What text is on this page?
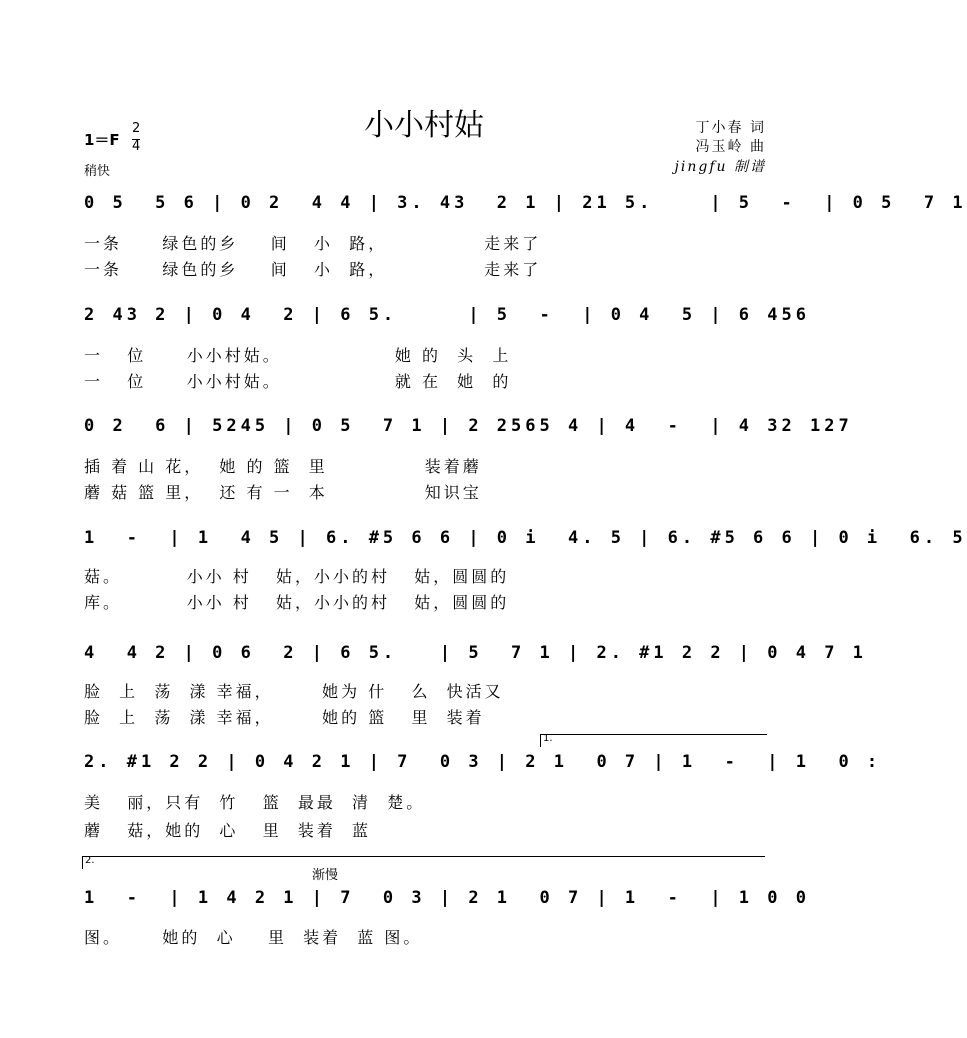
小小村姑	丁小春 词
冯玉岭 曲
jingfu 制谱
1＝F
2
4
稍快
0 5  5 6 | 0 2  4 4 | 3. 43  2 1 | 21 5.    | 5  -  | 0 5  7 1
一条     绿色的乡    间   小  路，            走来了
一条     绿色的乡    间   小  路，            走来了
2 43 2 | 0 4  2 | 6 5.     | 5  -  | 0 4  5 | 6 456
一   位     小小村姑。              她 的  头  上
一   位     小小村姑。              就 在  她  的
0 2  6 | 5245 | 0 5  7 1 | 2 2565 4 | 4  -  | 4 32 127
插 着 山 花，  她 的 篮  里            装着蘑
蘑 菇 篮 里，  还 有 一  本            知识宝
1  -  | 1  4 5 | 6. #5 6 6 | 0 i  4. 5 | 6. #5 6 6 | 0 i  6. 5
菇。        小小 村   姑，小小的村   姑，圆圆的
库。        小小 村   姑，小小的村   姑，圆圆的
4  4 2 | 0 6  2 | 6 5.   | 5  7 1 | 2. #1 2 2 | 0 4 7 1
脸  上  荡  漾 幸福，      她为 什   么  快活又
脸  上  荡  漾 幸福，      她的 篮   里  装着
1.
2. #1 2 2 | 0 4 2 1 | 7  0 3 | 2 1  0 7 | 1  -  | 1  0 :
美   丽，只有  竹   篮  最最  清  楚。
蘑   菇，她的  心   里  装着  蓝
2.
渐慢
1  -  | 1 4 2 1 | 7  0 3 | 2 1  0 7 | 1  -  | 1 0 0
图。     她的  心    里  装着  蓝 图。
